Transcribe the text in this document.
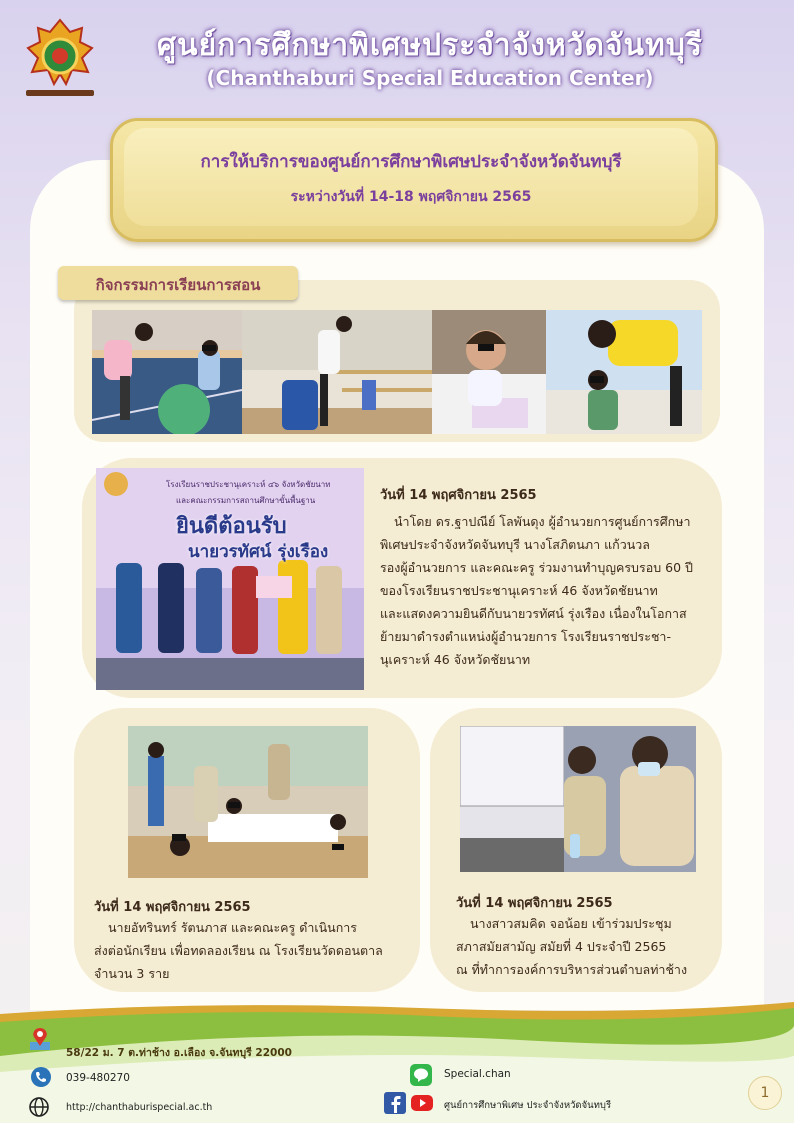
ศูนย์การศึกษาพิเศษประจำจังหวัดจันทบุรี
(Chanthaburi Special Education Center)
การให้บริการของศูนย์การศึกษาพิเศษประจำจังหวัดจันทบุรี
ระหว่างวันที่ 14-18 พฤศจิกายน 2565
กิจกรรมการเรียนการสอน
โรงเรียนราชประชานุเคราะห์ ๔๖ จังหวัดชัยนาท
และคณะกรรมการสถานศึกษาขั้นพื้นฐาน
ยินดีต้อนรับ
นายวรทัศน์ รุ่งเรือง
วันที่ 14 พฤศจิกายน 2565
นำโดย ดร.ฐาปณีย์ โลพันดุง ผู้อำนวยการศูนย์การศึกษา
พิเศษประจำจังหวัดจันทบุรี นางโสภิตนภา แก้วนวล
รองผู้อำนวยการ และคณะครู ร่วมงานทำบุญครบรอบ 60 ปี
ของโรงเรียนราชประชานุเคราะห์ 46 จังหวัดชัยนาท
และแสดงความยินดีกับนายวรทัศน์ รุ่งเรือง เนื่องในโอกาส
ย้ายมาดำรงตำแหน่งผู้อำนวยการ โรงเรียนราชประชา-
นุเคราะห์ 46 จังหวัดชัยนาท
วันที่ 14 พฤศจิกายน 2565
นายอัทรินทร์ รัตนภาส และคณะครู ดำเนินการ
ส่งต่อนักเรียน เพื่อทดลองเรียน ณ โรงเรียนวัดดอนตาล
จำนวน 3 ราย
วันที่ 14 พฤศจิกายน 2565
นางสาวสมคิด จอน้อย เข้าร่วมประชุม
สภาสมัยสามัญ สมัยที่ 4 ประจำปี 2565
ณ ที่ทำการองค์การบริหารส่วนตำบลท่าช้าง
58/22 ม. 7 ต.ท่าช้าง อ.เลือง จ.จันทบุรี 22000
039-480270
http://chanthaburispecial.ac.th
Special.chan
ศูนย์การศึกษาพิเศษ ประจำจังหวัดจันทบุรี
1
